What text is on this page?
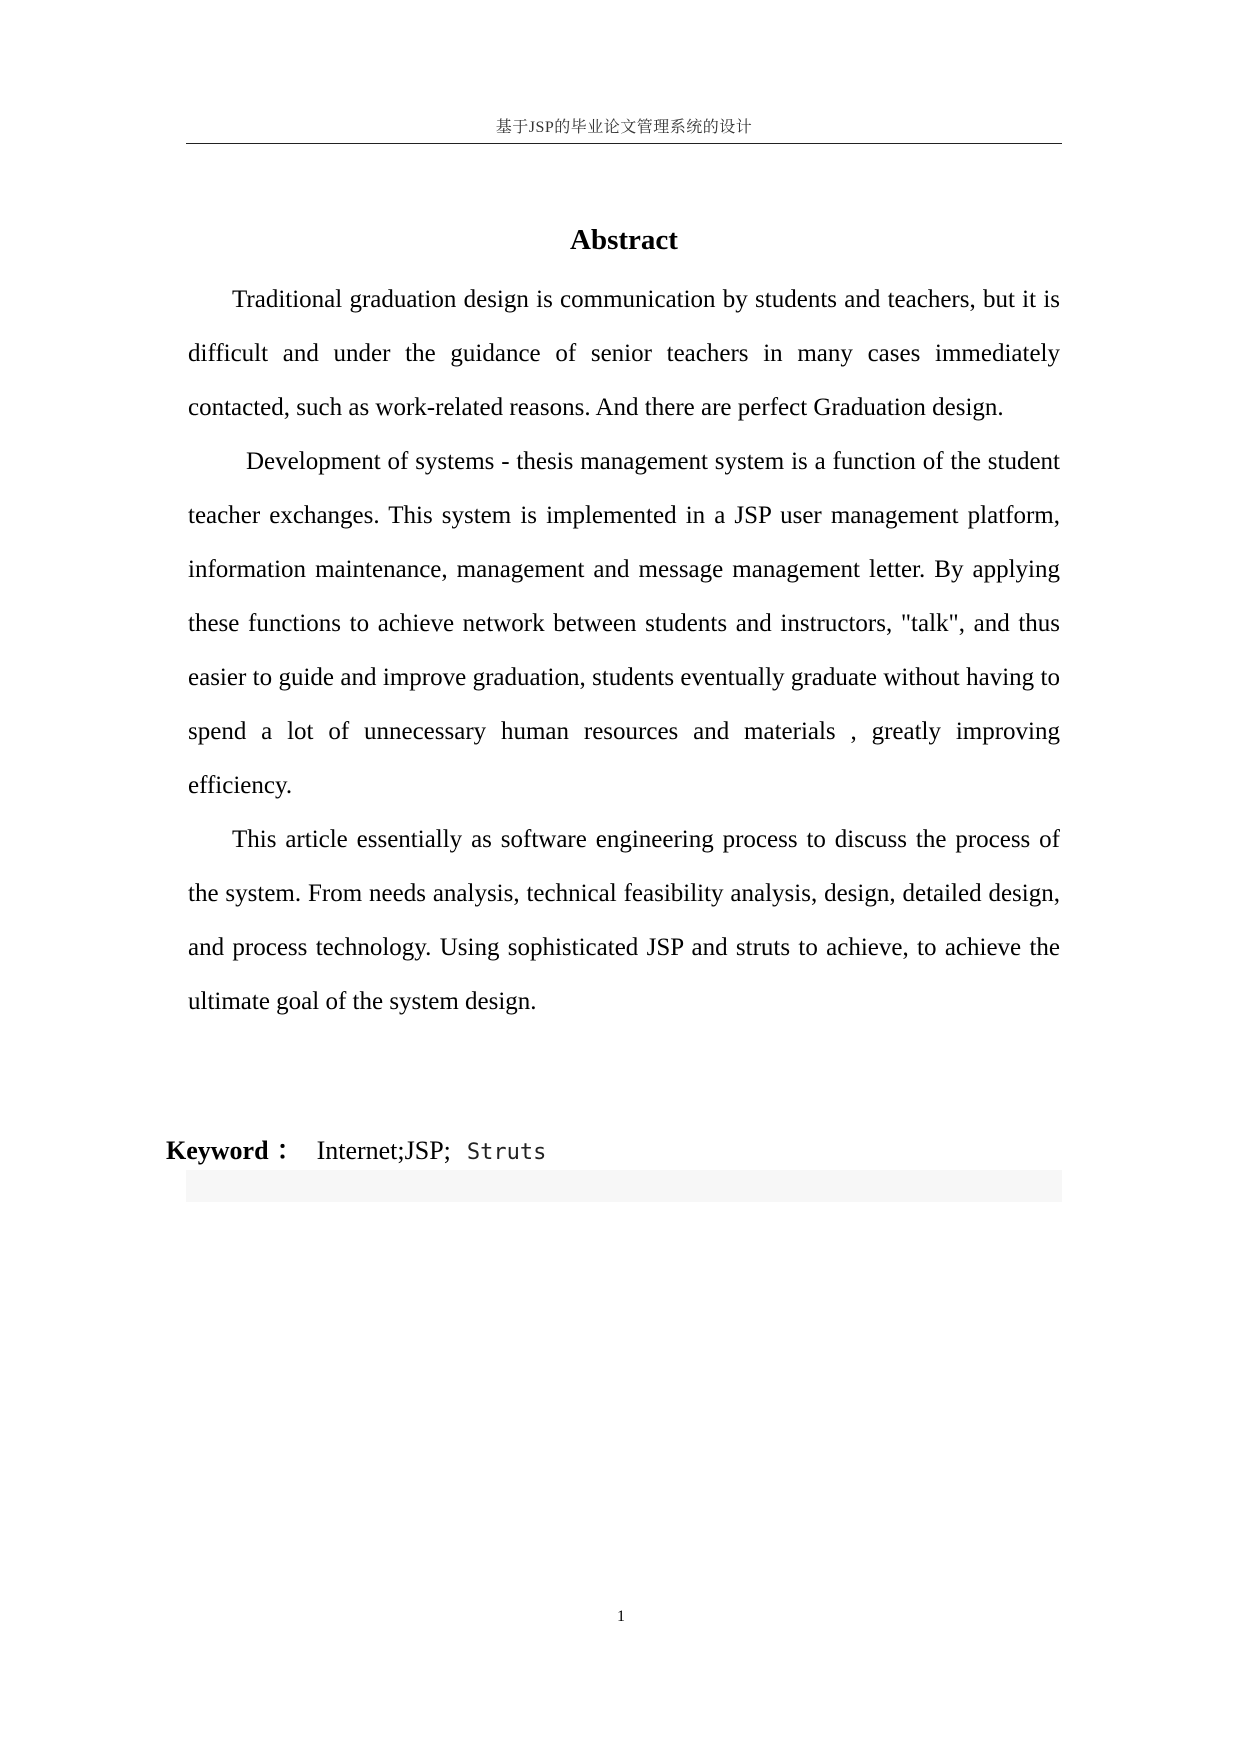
基于JSP的毕业论文管理系统的设计
Abstract

Traditional graduation design is communication by students and teachers, but it is difficult and under the guidance of senior teachers in many cases immediately contacted, such as work-related reasons. And there are perfect Graduation design.

Development of systems - thesis management system is a function of the student teacher exchanges. This system is implemented in a JSP user management platform, information maintenance, management and message management letter. By applying these functions to achieve network between students and instructors, "talk", and thus easier to guide and improve graduation, students eventually graduate without having to spend a lot of unnecessary human resources and materials , greatly improving efficiency.

This article essentially as software engineering process to discuss the process of the system. From needs analysis, technical feasibility analysis, design, detailed design, and process technology. Using sophisticated JSP and struts to achieve, to achieve the ultimate goal of the system design.

Keyword ： Internet;JSP; Struts
1
